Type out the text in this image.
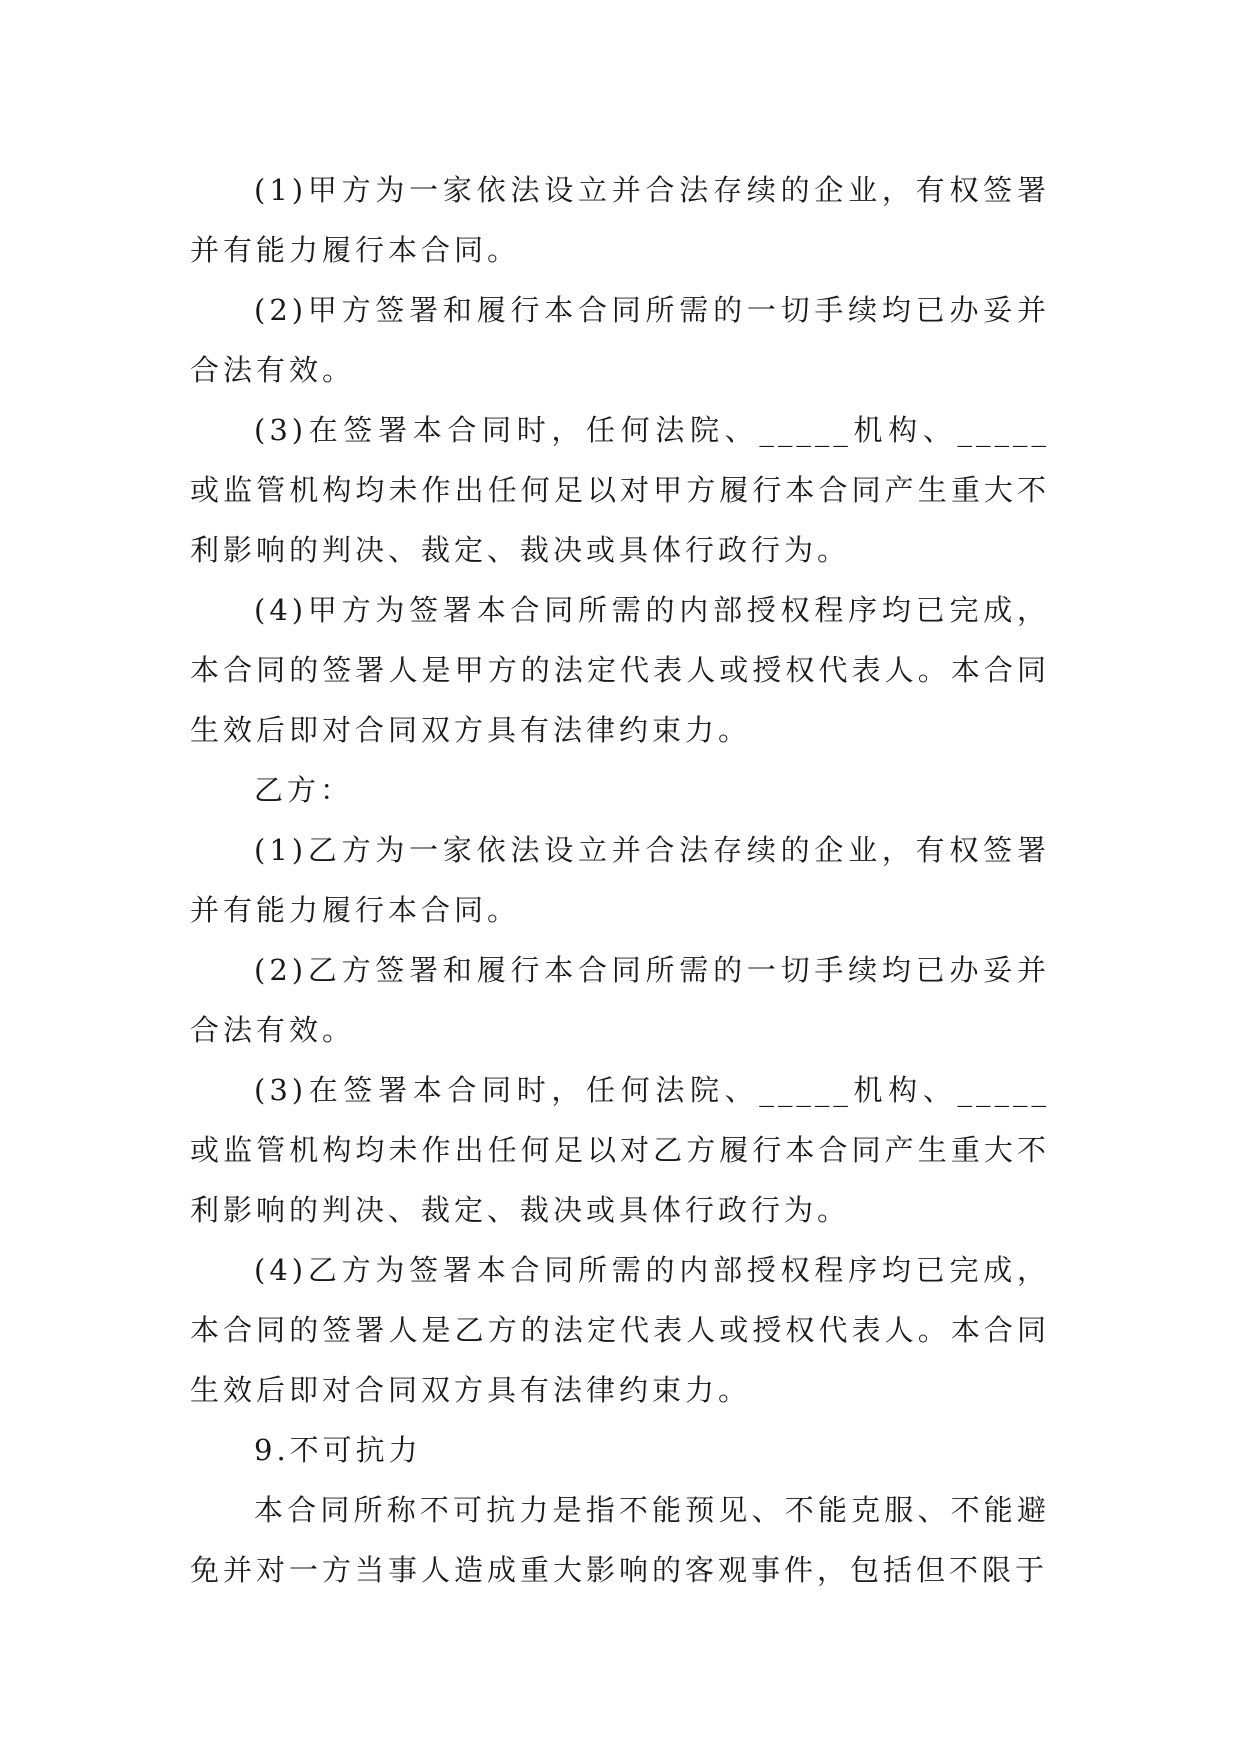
(1)甲方为一家依法设立并合法存续的企业，有权签署并有能力履行本合同。

(2)甲方签署和履行本合同所需的一切手续均已办妥并合法有效。

(3)在签署本合同时，任何法院、_____机构、_____或监管机构均未作出任何足以对甲方履行本合同产生重大不利影响的判决、裁定、裁决或具体行政行为。

(4)甲方为签署本合同所需的内部授权程序均已完成，本合同的签署人是甲方的法定代表人或授权代表人。本合同生效后即对合同双方具有法律约束力。

乙方：

(1)乙方为一家依法设立并合法存续的企业，有权签署并有能力履行本合同。

(2)乙方签署和履行本合同所需的一切手续均已办妥并合法有效。

(3)在签署本合同时，任何法院、_____机构、_____或监管机构均未作出任何足以对乙方履行本合同产生重大不利影响的判决、裁定、裁决或具体行政行为。

(4)乙方为签署本合同所需的内部授权程序均已完成，本合同的签署人是乙方的法定代表人或授权代表人。本合同生效后即对合同双方具有法律约束力。

9.不可抗力

本合同所称不可抗力是指不能预见、不能克服、不能避免并对一方当事人造成重大影响的客观事件，包括但不限于
